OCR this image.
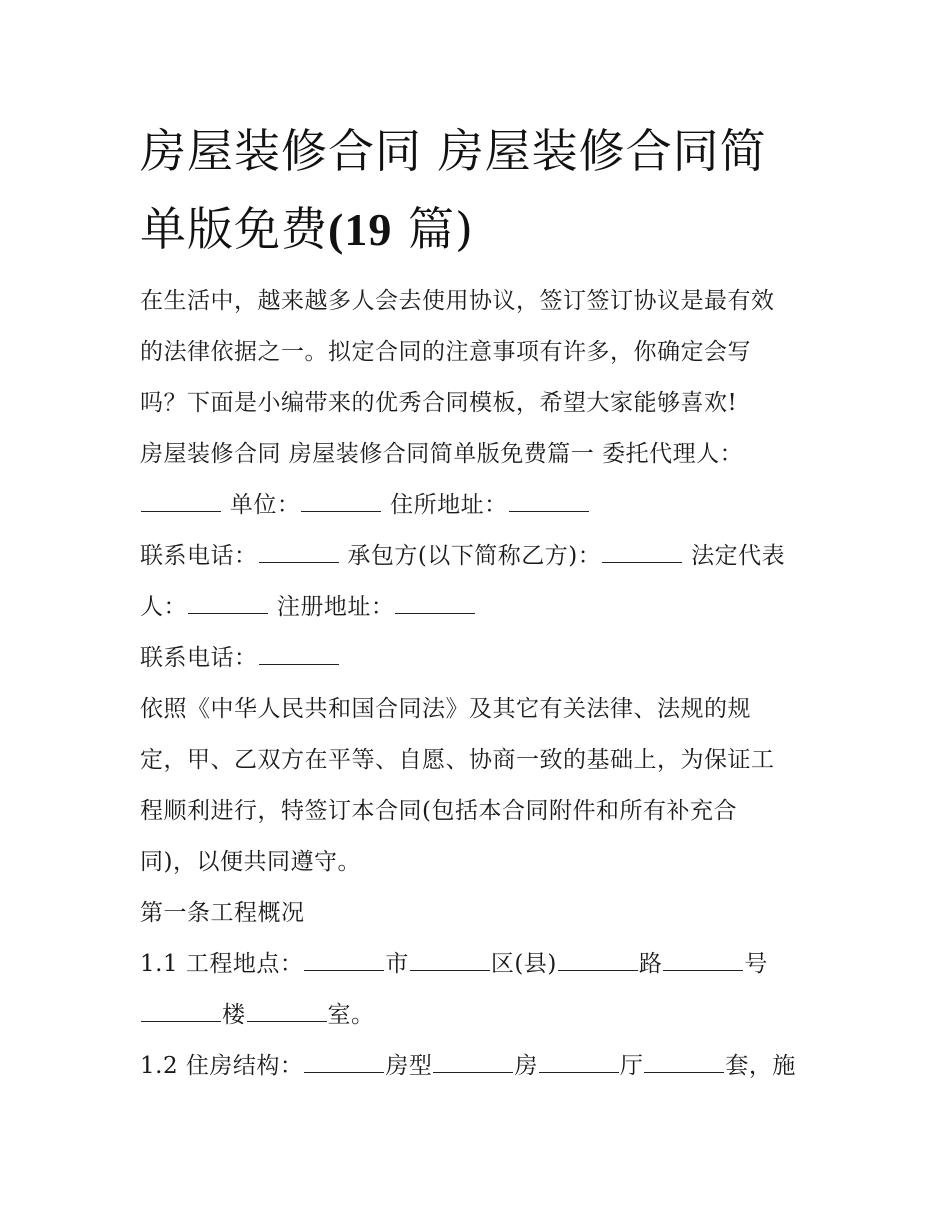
房屋装修合同 房屋装修合同简
单版免费(19 篇)
在生活中，越来越多人会去使用协议，签订签订协议是最有效
的法律依据之一。拟定合同的注意事项有许多，你确定会写
吗？下面是小编带来的优秀合同模板，希望大家能够喜欢!
房屋装修合同 房屋装修合同简单版免费篇一 委托代理人：
单位：	住所地址：
联系电话：	承包方(以下简称乙方)：	法定代表
人：	注册地址：
联系电话：
依照《中华人民共和国合同法》及其它有关法律、法规的规
定，甲、乙双方在平等、自愿、协商一致的基础上，为保证工
程顺利进行，特签订本合同(包括本合同附件和所有补充合
同)，以便共同遵守。
第一条工程概况
1.1 工程地点：	市	区(县)	路	号
楼	室。
1.2 住房结构：	房型	房	厅	套，施
